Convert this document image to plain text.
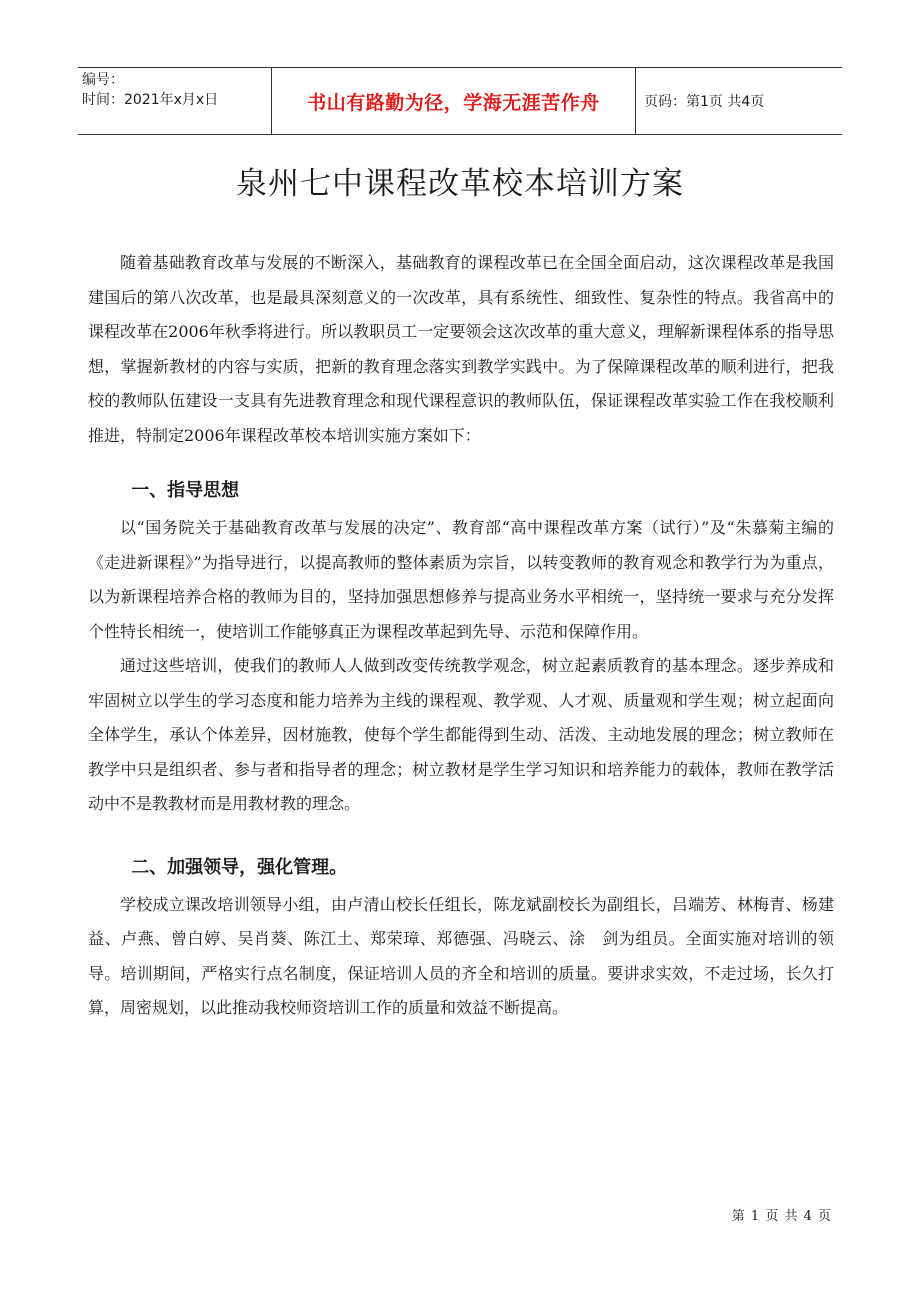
编号：
时间：2021年x月x日	书山有路勤为径，学海无涯苦作舟	页码：第1页 共4页
泉州七中课程改革校本培训方案

随着基础教育改革与发展的不断深入，基础教育的课程改革已在全国全面启动，这次课程改革是我国建国后的第八次改革，也是最具深刻意义的一次改革，具有系统性、细致性、复杂性的特点。我省高中的课程改革在2006年秋季将进行。所以教职员工一定要领会这次改革的重大意义，理解新课程体系的指导思想，掌握新教材的内容与实质，把新的教育理念落实到教学实践中。为了保障课程改革的顺利进行，把我校的教师队伍建设一支具有先进教育理念和现代课程意识的教师队伍，保证课程改革实验工作在我校顺利推进，特制定2006年课程改革校本培训实施方案如下：

一、指导思想

以“国务院关于基础教育改革与发展的决定”、教育部“高中课程改革方案（试行）”及“朱慕菊主编的《走进新课程》”为指导进行，以提高教师的整体素质为宗旨，以转变教师的教育观念和教学行为为重点，以为新课程培养合格的教师为目的，坚持加强思想修养与提高业务水平相统一，坚持统一要求与充分发挥个性特长相统一，使培训工作能够真正为课程改革起到先导、示范和保障作用。

通过这些培训，使我们的教师人人做到改变传统教学观念，树立起素质教育的基本理念。逐步养成和牢固树立以学生的学习态度和能力培养为主线的课程观、教学观、人才观、质量观和学生观；树立起面向全体学生，承认个体差异，因材施教，使每个学生都能得到生动、活泼、主动地发展的理念；树立教师在教学中只是组织者、参与者和指导者的理念；树立教材是学生学习知识和培养能力的载体，教师在教学活动中不是教教材而是用教材教的理念。

二、加强领导，强化管理。

学校成立课改培训领导小组，由卢清山校长任组长，陈龙斌副校长为副组长，吕端芳、林梅青、杨建益、卢燕、曾白婷、吴肖葵、陈江土、郑荣璋、郑德强、冯晓云、涂　剑为组员。全面实施对培训的领导。培训期间，严格实行点名制度，保证培训人员的齐全和培训的质量。要讲求实效，不走过场，长久打算，周密规划，以此推动我校师资培训工作的质量和效益不断提高。

第 1 页 共 4 页
